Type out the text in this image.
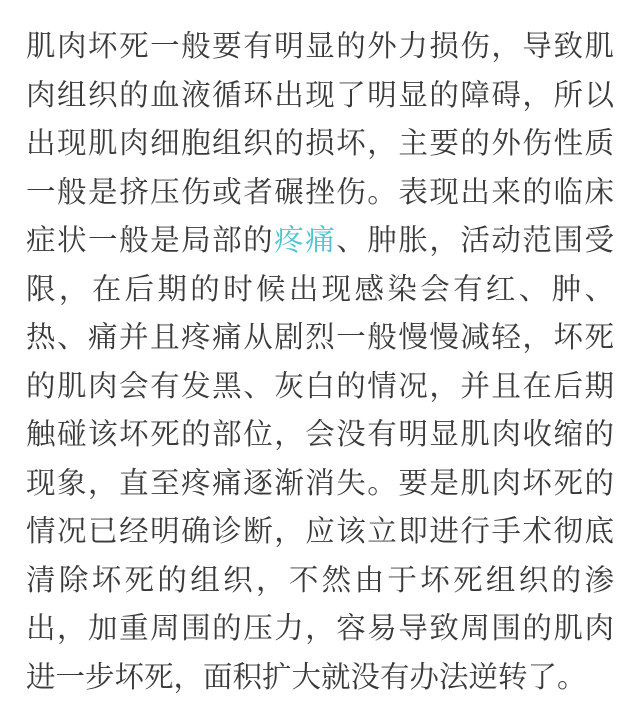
肌肉坏死一般要有明显的外力损伤，导致肌肉组织的血液循环出现了明显的障碍，所以出现肌肉细胞组织的损坏，主要的外伤性质一般是挤压伤或者碾挫伤。表现出来的临床症状一般是局部的疼痛、肿胀，活动范围受限，在后期的时候出现感染会有红、肿、热、痛并且疼痛从剧烈一般慢慢减轻，坏死的肌肉会有发黑、灰白的情况，并且在后期触碰该坏死的部位，会没有明显肌肉收缩的现象，直至疼痛逐渐消失。要是肌肉坏死的情况已经明确诊断，应该立即进行手术彻底清除坏死的组织，不然由于坏死组织的渗出，加重周围的压力，容易导致周围的肌肉进一步坏死，面积扩大就没有办法逆转了。
